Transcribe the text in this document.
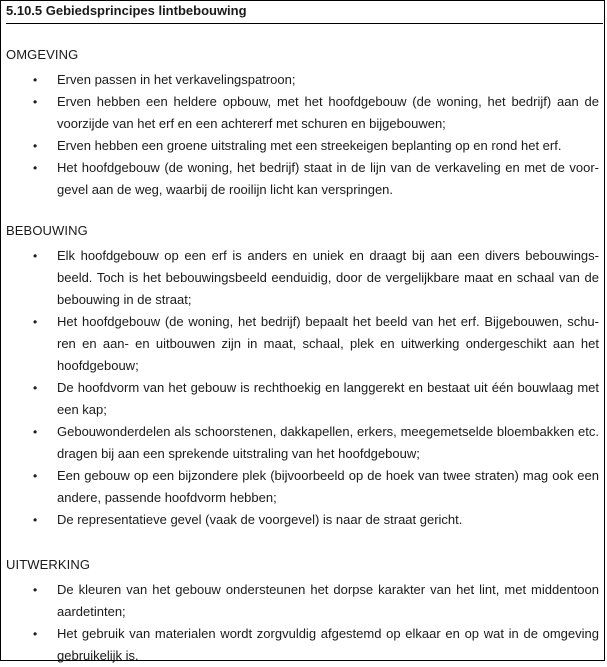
5.10.5 Gebiedsprincipes lintbebouwing
OMGEVING
• Erven passen in het verkavelingspatroon;
• Erven hebben een heldere opbouw, met het hoofdgebouw (de woning, het bedrijf) aan de voorzijde van het erf en een achtererf met schuren en bijgebouwen;
• Erven hebben een groene uitstraling met een streekeigen beplanting op en rond het erf.
• Het hoofdgebouw (de woning, het bedrijf) staat in de lijn van de verkaveling en met de voor- gevel aan de weg, waarbij de rooilijn licht kan verspringen.
BEBOUWING
• Elk hoofdgebouw op een erf is anders en uniek en draagt bij aan een divers bebouwings- beeld. Toch is het bebouwingsbeeld eenduidig, door de vergelijkbare maat en schaal van de bebouwing in de straat;
• Het hoofdgebouw (de woning, het bedrijf) bepaalt het beeld van het erf. Bijgebouwen, schu- ren en aan- en uitbouwen zijn in maat, schaal, plek en uitwerking ondergeschikt aan het hoofdgebouw;
• De hoofdvorm van het gebouw is rechthoekig en langgerekt en bestaat uit één bouwlaag met een kap;
• Gebouwonderdelen als schoorstenen, dakkapellen, erkers, meegemetselde bloembakken etc. dragen bij aan een sprekende uitstraling van het hoofdgebouw;
• Een gebouw op een bijzondere plek (bijvoorbeeld op de hoek van twee straten) mag ook een andere, passende hoofdvorm hebben;
• De representatieve gevel (vaak de voorgevel) is naar de straat gericht.
UITWERKING
• De kleuren van het gebouw ondersteunen het dorpse karakter van het lint, met middentoon aardetinten;
• Het gebruik van materialen wordt zorgvuldig afgestemd op elkaar en op wat in de omgeving gebruikelijk is.
